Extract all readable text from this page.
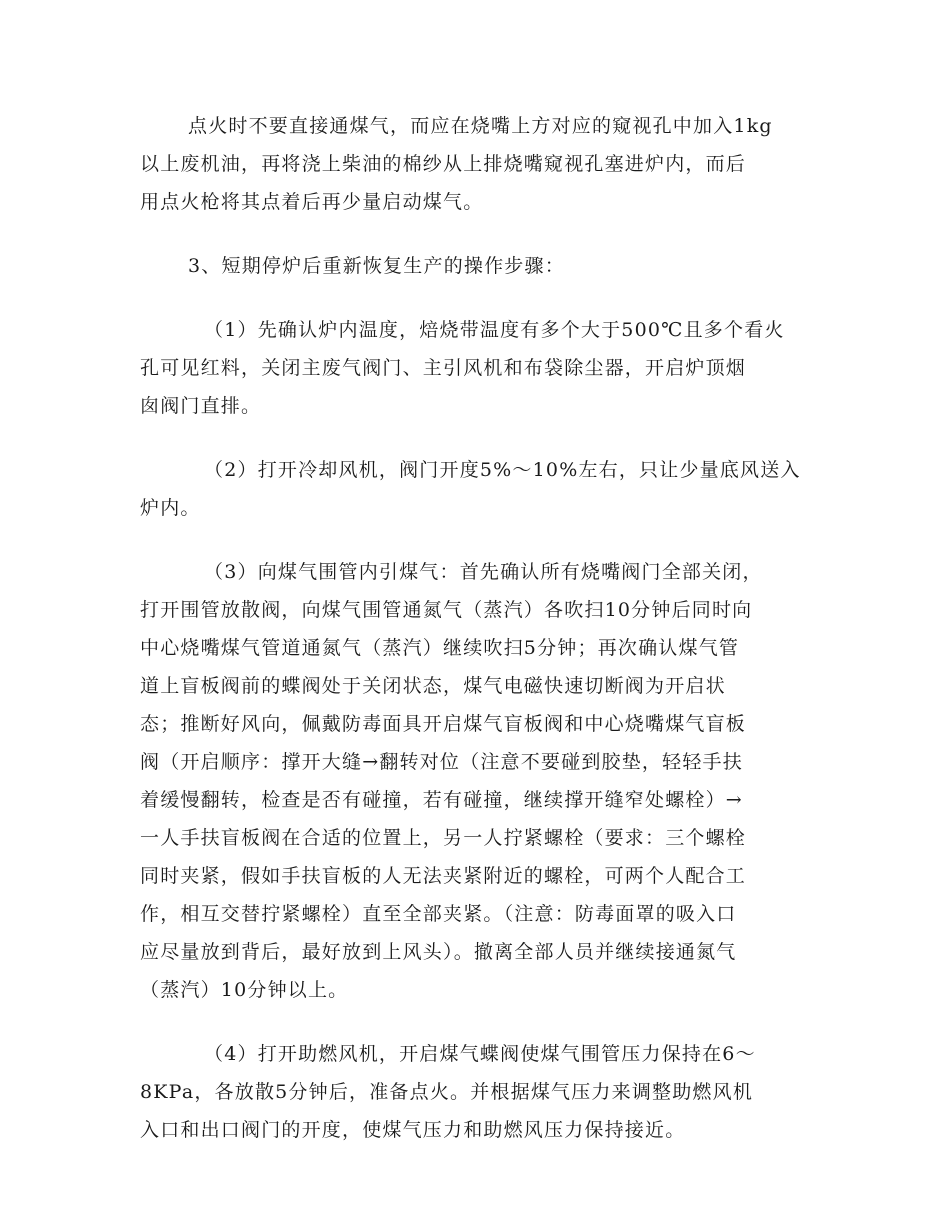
点火时不要直接通煤气，而应在烧嘴上方对应的窥视孔中加入1kg
以上废机油，再将浇上柴油的棉纱从上排烧嘴窥视孔塞进炉内，而后
用点火枪将其点着后再少量启动煤气。
3、短期停炉后重新恢复生产的操作步骤：
（1）先确认炉内温度，焙烧带温度有多个大于500℃且多个看火
孔可见红料，关闭主废气阀门、主引风机和布袋除尘器，开启炉顶烟
囱阀门直排。
（2）打开冷却风机，阀门开度5%～10%左右，只让少量底风送入
炉内。
（3）向煤气围管内引煤气：首先确认所有烧嘴阀门全部关闭，
打开围管放散阀，向煤气围管通氮气（蒸汽）各吹扫10分钟后同时向
中心烧嘴煤气管道通氮气（蒸汽）继续吹扫5分钟；再次确认煤气管
道上盲板阀前的蝶阀处于关闭状态，煤气电磁快速切断阀为开启状
态；推断好风向，佩戴防毒面具开启煤气盲板阀和中心烧嘴煤气盲板
阀（开启顺序：撑开大缝→翻转对位（注意不要碰到胶垫，轻轻手扶
着缓慢翻转，检查是否有碰撞，若有碰撞，继续撑开缝窄处螺栓）→
一人手扶盲板阀在合适的位置上，另一人拧紧螺栓（要求：三个螺栓
同时夹紧，假如手扶盲板的人无法夹紧附近的螺栓，可两个人配合工
作，相互交替拧紧螺栓）直至全部夹紧。（注意：防毒面罩的吸入口
应尽量放到背后，最好放到上风头）。撤离全部人员并继续接通氮气
（蒸汽）10分钟以上。
（4）打开助燃风机，开启煤气蝶阀使煤气围管压力保持在6～
8KPa，各放散5分钟后，准备点火。并根据煤气压力来调整助燃风机
入口和出口阀门的开度，使煤气压力和助燃风压力保持接近。
